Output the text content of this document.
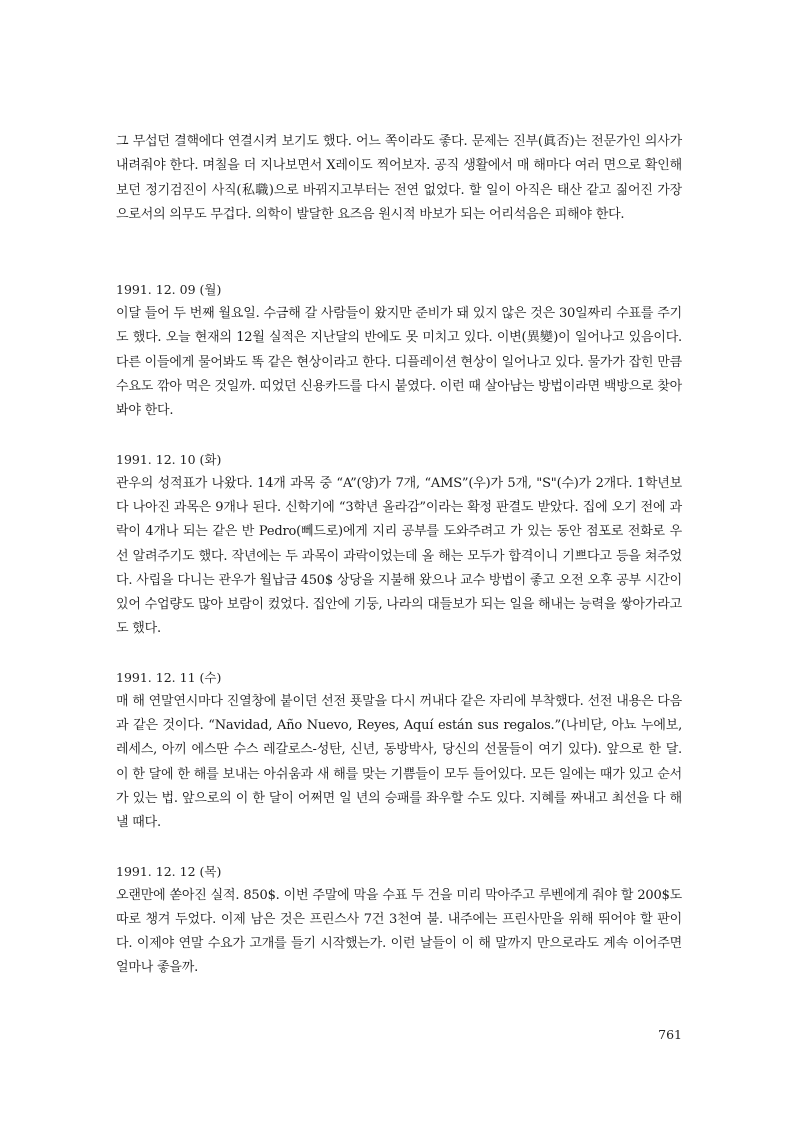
그 무섭던 결핵에다 연결시켜 보기도 했다. 어느 쪽이라도 좋다. 문제는 진부(眞否)는 전문가인 의사가 내려줘야 한다. 며칠을 더 지나보면서 X레이도 찍어보자. 공직 생활에서 매 해마다 여러 면으로 확인해 보던 정기검진이 사직(私職)으로 바꿔지고부터는 전연 없었다. 할 일이 아직은 태산 같고 짊어진 가장으로서의 의무도 무겁다. 의학이 발달한 요즈음 원시적 바보가 되는 어리석음은 피해야 한다.

1991. 12. 09 (월)

이달 들어 두 번째 월요일. 수금해 갈 사람들이 왔지만 준비가 돼 있지 않은 것은 30일짜리 수표를 주기도 했다. 오늘 현재의 12월 실적은 지난달의 반에도 못 미치고 있다. 이변(異變)이 일어나고 있음이다. 다른 이들에게 물어봐도 똑 같은 현상이라고 한다. 디플레이션 현상이 일어나고 있다. 물가가 잡힌 만큼 수요도 깎아 먹은 것일까. 띠었던 신용카드를 다시 붙였다. 이런 때 살아남는 방법이라면 백방으로 찾아 봐야 한다.

1991. 12. 10 (화)

관우의 성적표가 나왔다. 14개 과목 중 “A”(양)가 7개, “AMS”(우)가 5개, "S"(수)가 2개다. 1학년보다 나아진 과목은 9개나 된다. 신학기에 “3학년 올라감”이라는 확정 판결도 받았다. 집에 오기 전에 과락이 4개나 되는 같은 반 Pedro(뻬드로)에게 지리 공부를 도와주려고 가 있는 동안 점포로 전화로 우선 알려주기도 했다. 작년에는 두 과목이 과락이었는데 올 해는 모두가 합격이니 기쁘다고 등을 쳐주었다. 사립을 다니는 관우가 월납금 450$ 상당을 지불해 왔으나 교수 방법이 좋고 오전 오후 공부 시간이 있어 수업량도 많아 보람이 컸었다. 집안에 기둥, 나라의 대들보가 되는 일을 해내는 능력을 쌓아가라고도 했다.

1991. 12. 11 (수)

매 해 연말연시마다 진열창에 붙이던 선전 푯말을 다시 꺼내다 같은 자리에 부착했다. 선전 내용은 다음과 같은 것이다. “Navidad, Año Nuevo, Reyes, Aquí están sus regalos.”(나비닫, 아뇨 누에보, 레세스, 아끼 에스딴 수스 레갈로스-성탄, 신년, 동방박사, 당신의 선물들이 여기 있다). 앞으로 한 달. 이 한 달에 한 해를 보내는 아쉬움과 새 해를 맞는 기쁨들이 모두 들어있다. 모든 일에는 때가 있고 순서가 있는 법. 앞으로의 이 한 달이 어쩌면 일 년의 승패를 좌우할 수도 있다. 지혜를 짜내고 최선을 다 해낼 때다.

1991. 12. 12 (목)

오랜만에 쏟아진 실적. 850$. 이번 주말에 막을 수표 두 건을 미리 막아주고 루벤에게 줘야 할 200$도 따로 챙겨 두었다. 이제 남은 것은 프린스사 7건 3천여 불. 내주에는 프린사만을 위해 뛰어야 할 판이다. 이제야 연말 수요가 고개를 들기 시작했는가. 이런 날들이 이 해 말까지 만으로라도 계속 이어주면 얼마나 좋을까.

761
